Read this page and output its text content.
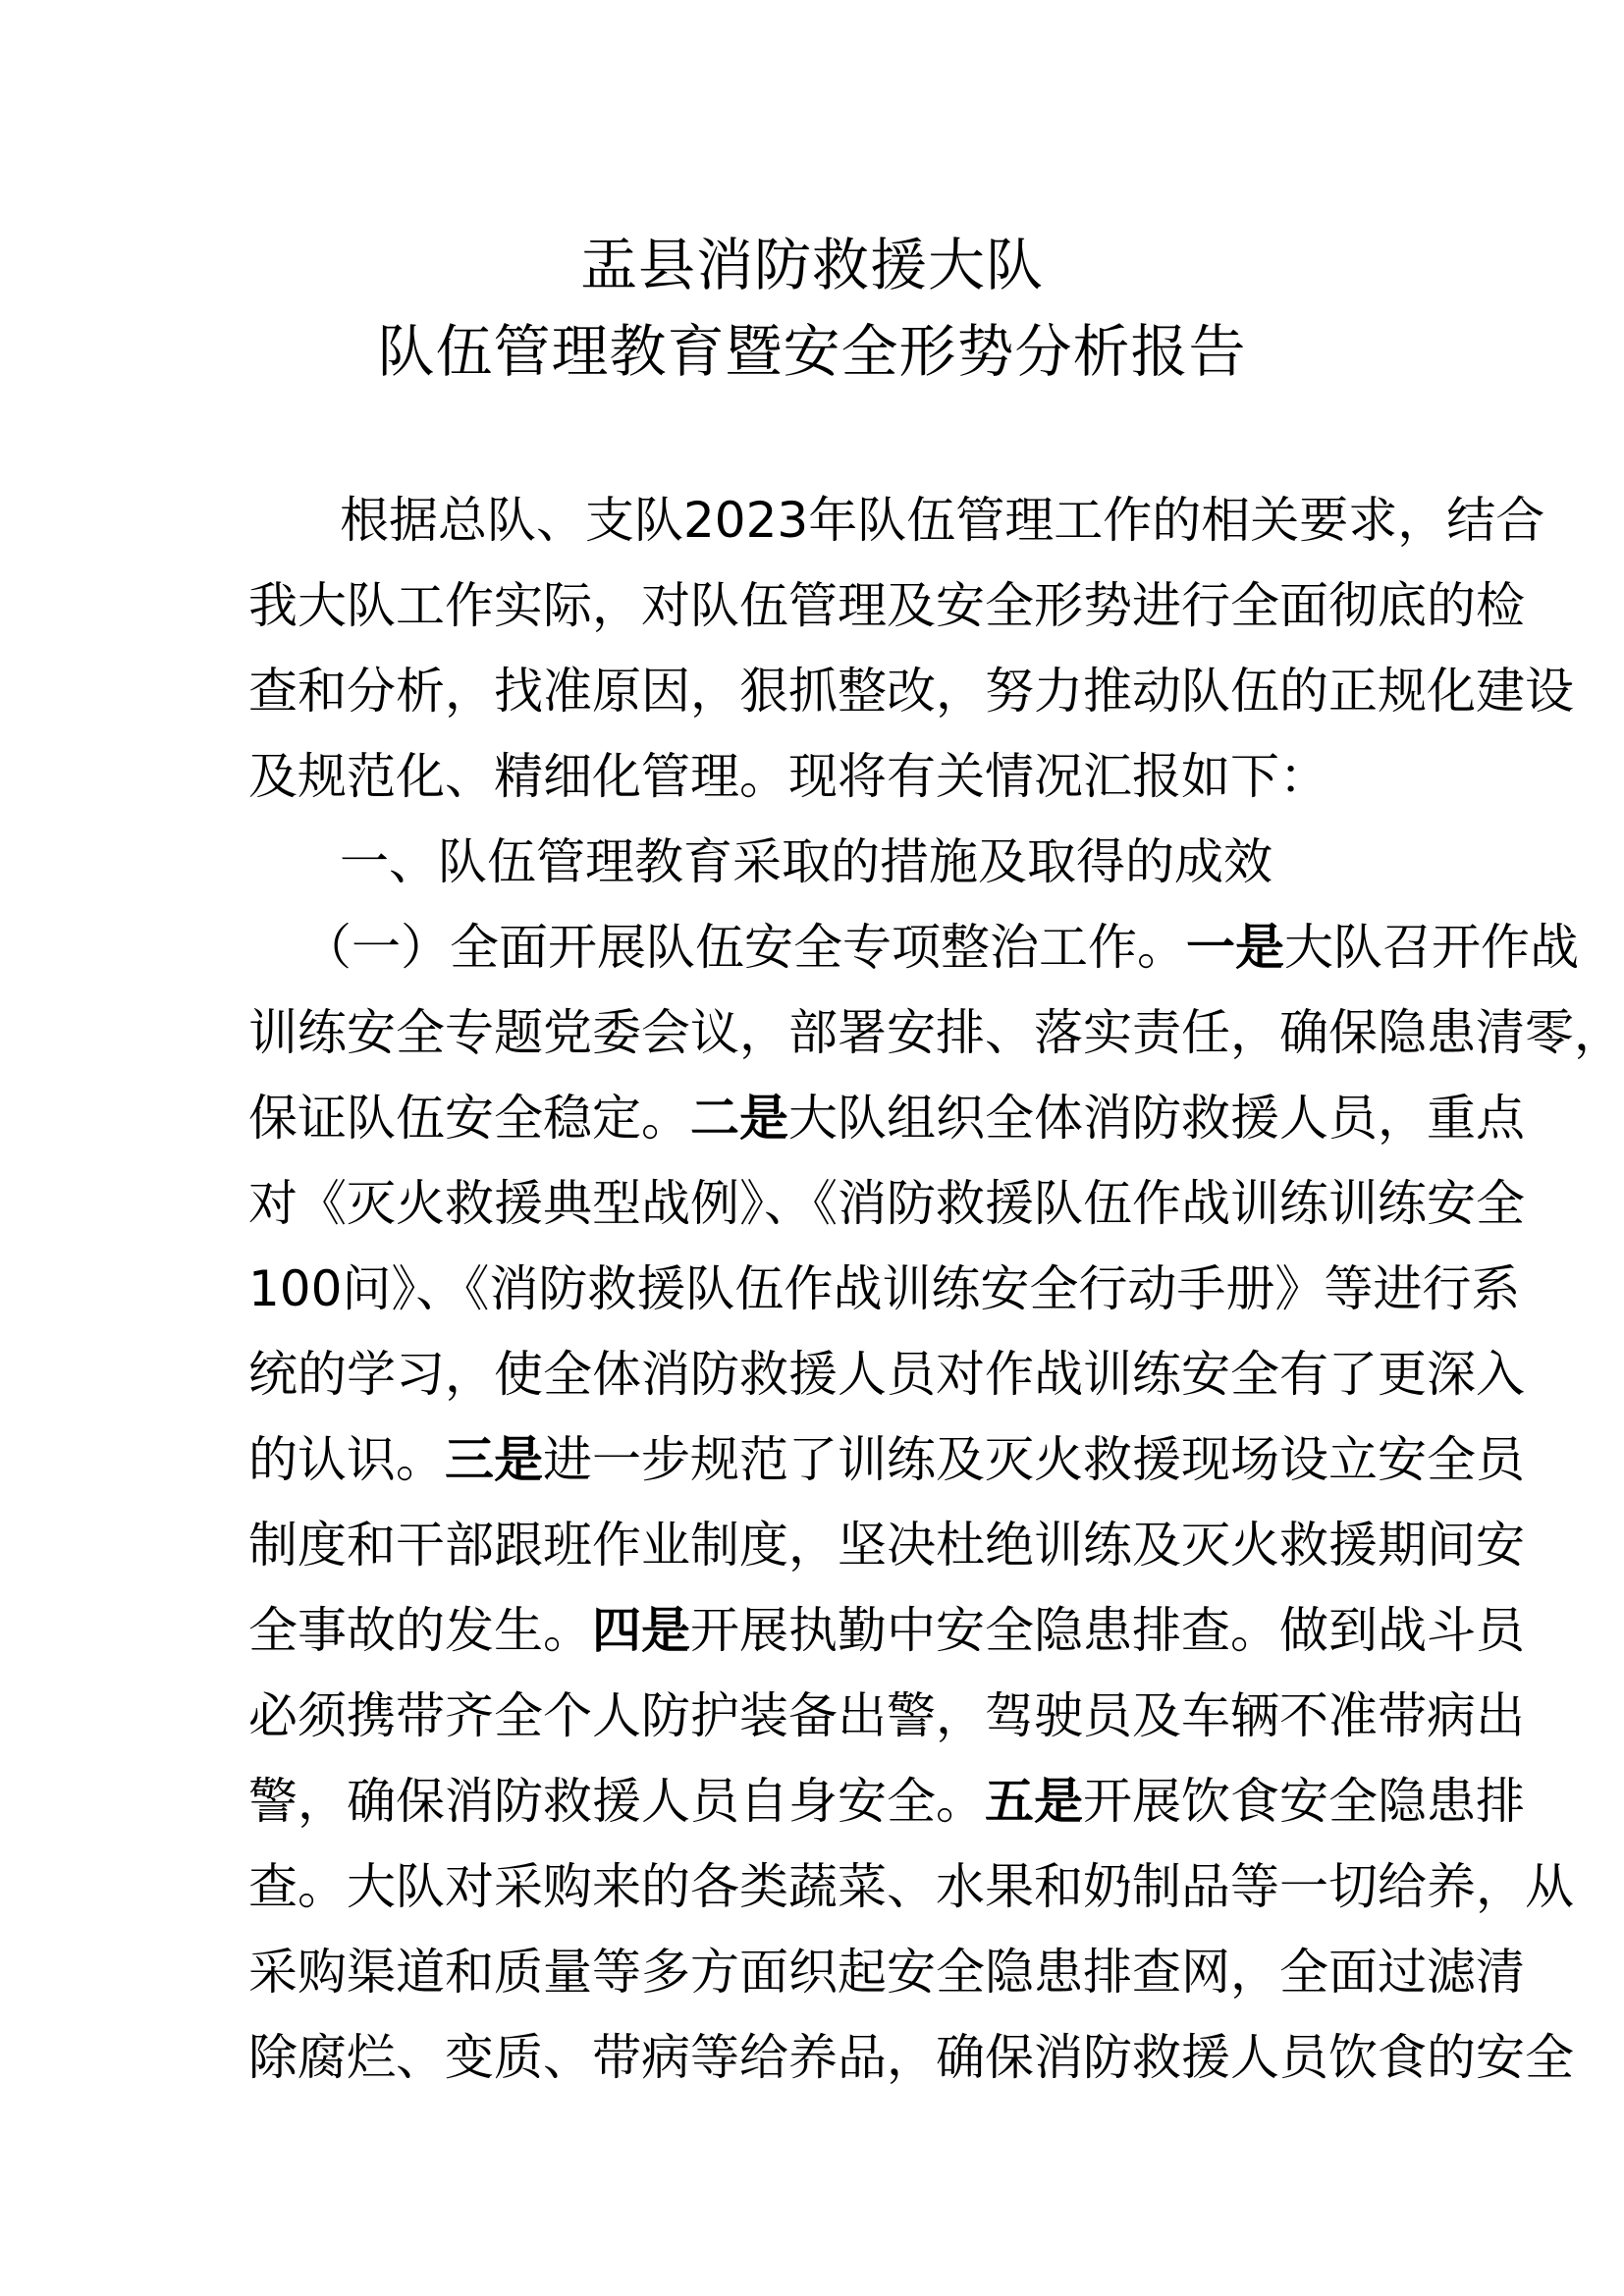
盂县消防救援大队
队伍管理教育暨安全形势分析报告
根据总队、支队2023年队伍管理工作的相关要求，结合
我大队工作实际，对队伍管理及安全形势进行全面彻底的检
查和分析，找准原因，狠抓整改，努力推动队伍的正规化建设
及规范化、精细化管理。现将有关情况汇报如下：
一、队伍管理教育采取的措施及取得的成效
（一）全面开展队伍安全专项整治工作。一是大队召开作战
训练安全专题党委会议，部署安排、落实责任，确保隐患清零，
保证队伍安全稳定。二是大队组织全体消防救援人员，重点
对《灭火救援典型战例》、《消防救援队伍作战训练训练安全
100问》、《消防救援队伍作战训练安全行动手册》等进行系
统的学习，使全体消防救援人员对作战训练安全有了更深入
的认识。三是进一步规范了训练及灭火救援现场设立安全员
制度和干部跟班作业制度，坚决杜绝训练及灭火救援期间安
全事故的发生。四是开展执勤中安全隐患排查。做到战斗员
必须携带齐全个人防护装备出警，驾驶员及车辆不准带病出
警，确保消防救援人员自身安全。五是开展饮食安全隐患排
查。大队对采购来的各类蔬菜、水果和奶制品等一切给养，从
采购渠道和质量等多方面织起安全隐患排查网，全面过滤清
除腐烂、变质、带病等给养品，确保消防救援人员饮食的安全
